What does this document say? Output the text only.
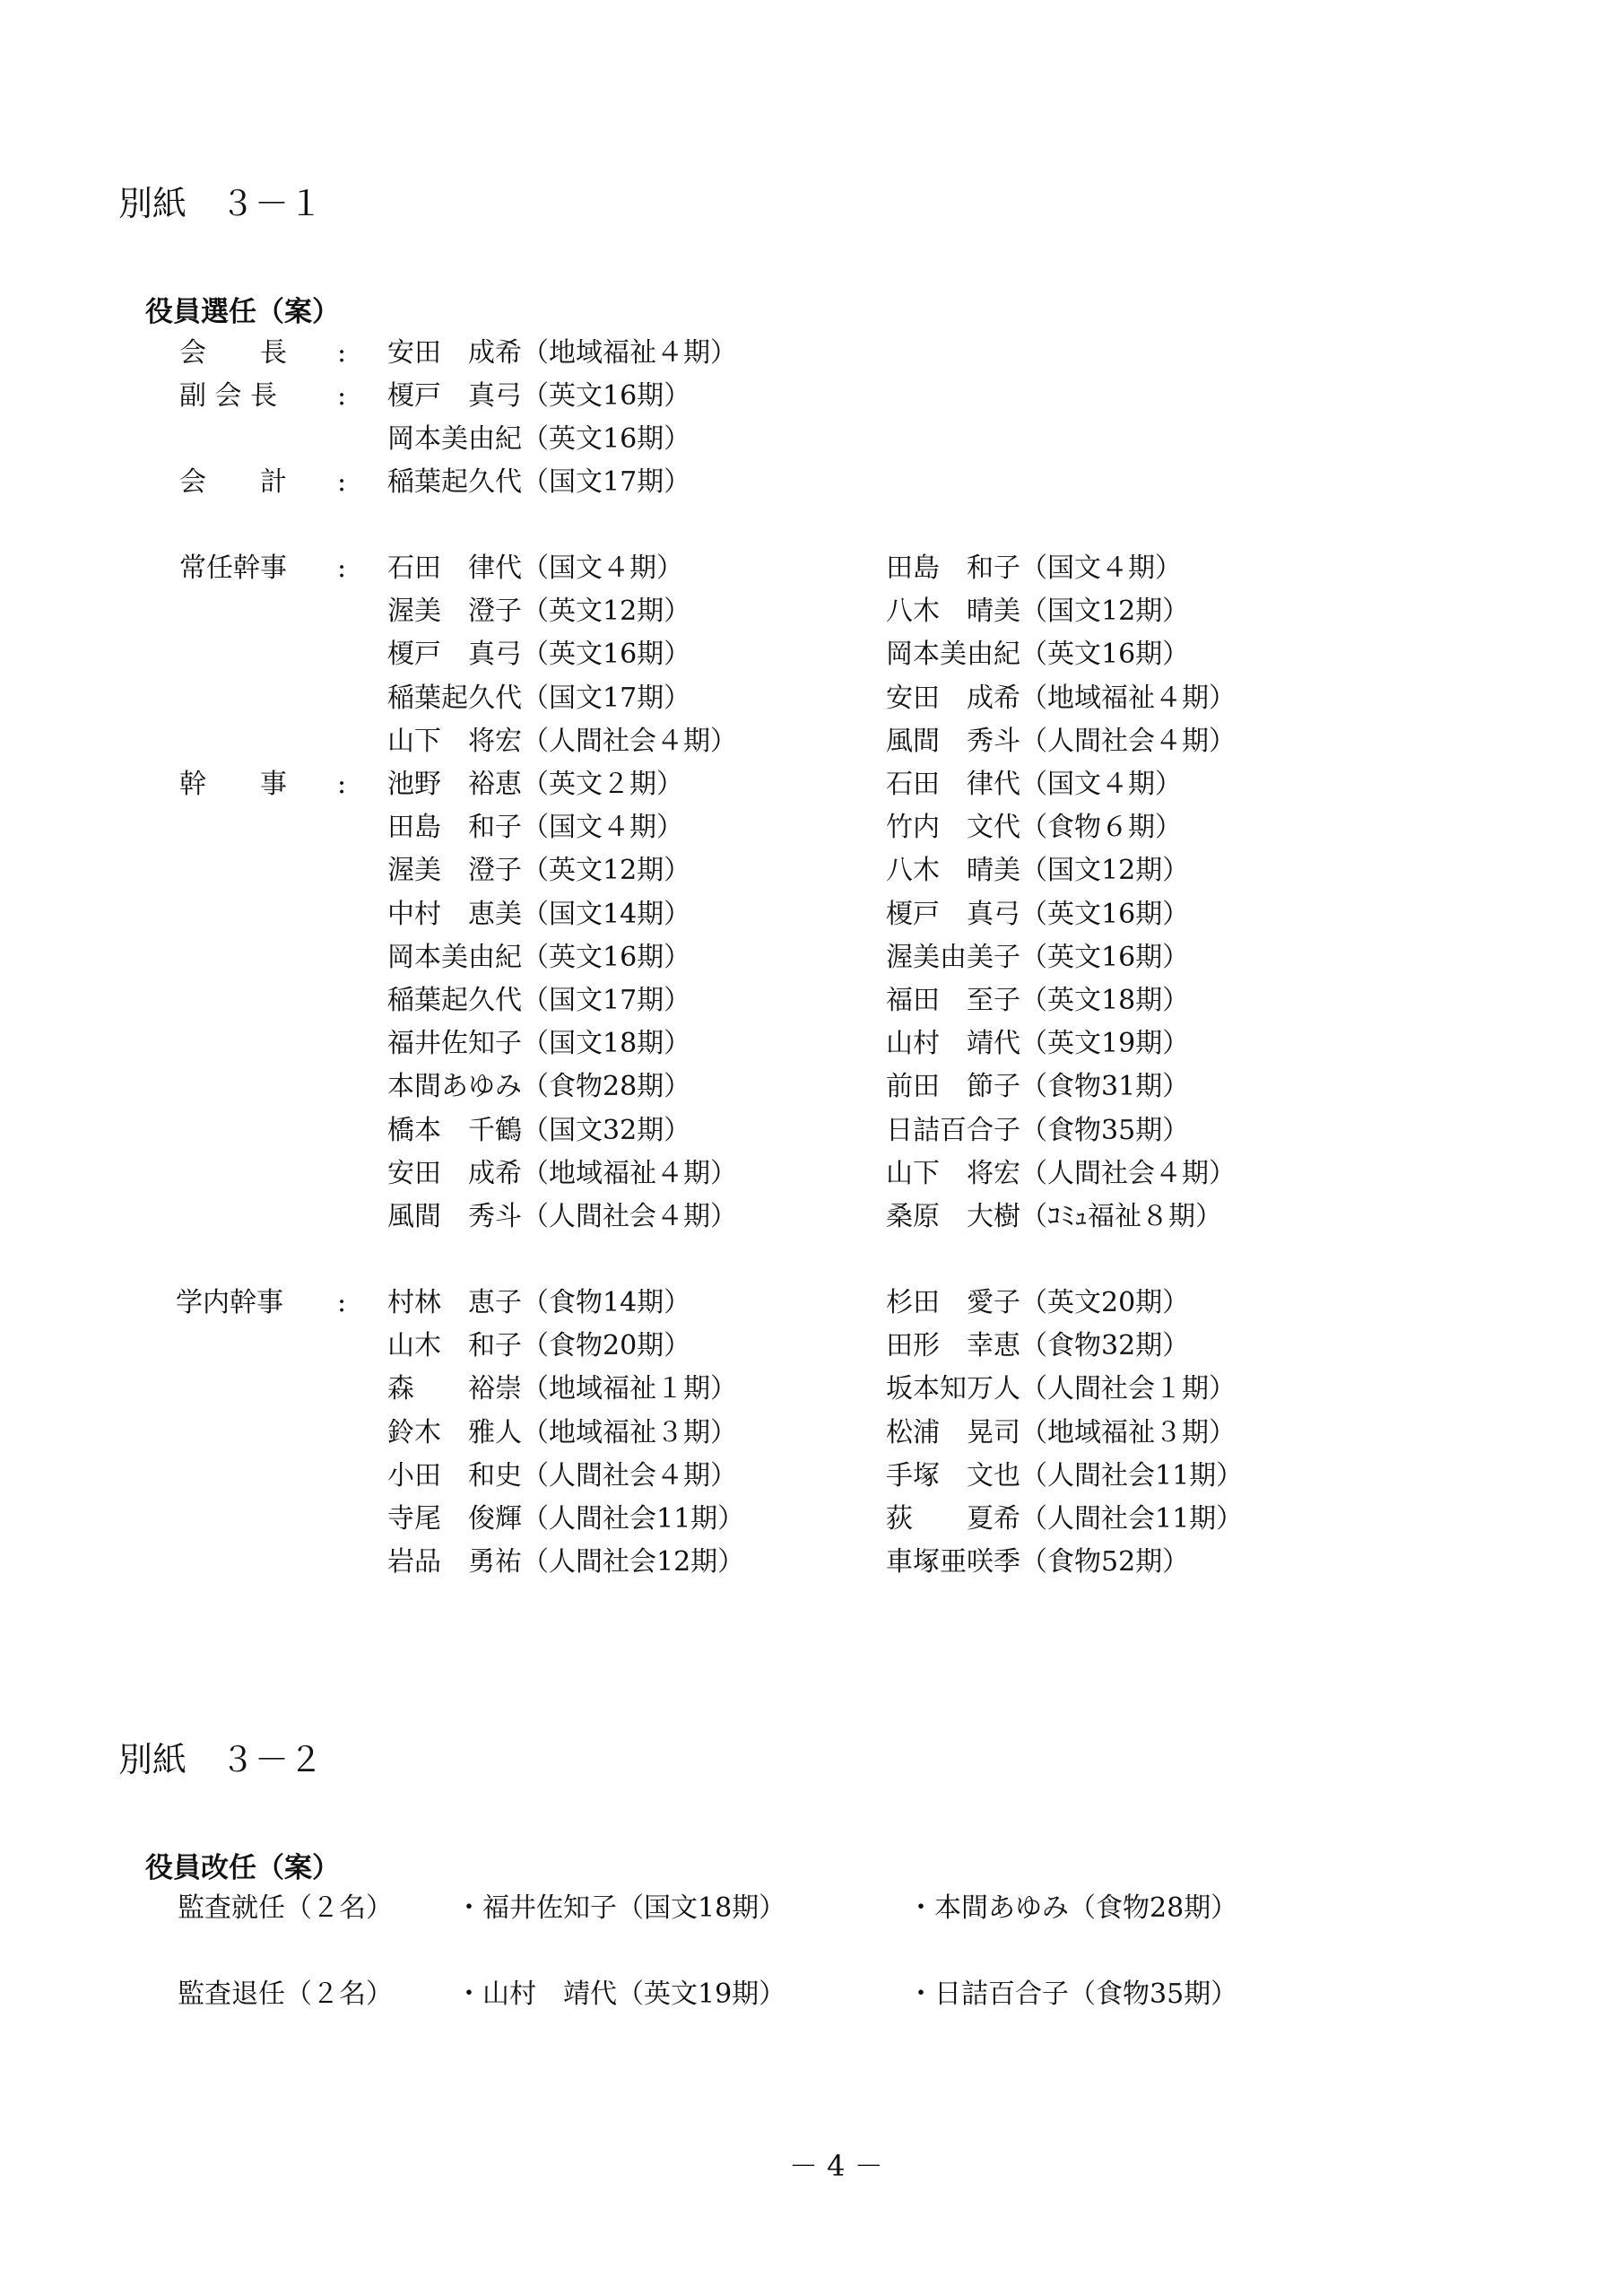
別紙　３－１
役員選任（案）
会　　長 : 安田　成希（地域福祉４期）
副 会 長 : 榎戸　真弓（英文16期）
岡本美由紀（英文16期）
会　　計 : 稲葉起久代（国文17期）
常任幹事 : 石田　律代（国文４期）
渥美　澄子（英文12期）
榎戸　真弓（英文16期）
稲葉起久代（国文17期）
山下　将宏（人間社会４期）
田島　和子（国文４期）
八木　晴美（国文12期）
岡本美由紀（英文16期）
安田　成希（地域福祉４期）
風間　秀斗（人間社会４期）
幹　　事 : 池野　裕恵（英文２期）
田島　和子（国文４期）
渥美　澄子（英文12期）
中村　恵美（国文14期）
岡本美由紀（英文16期）
稲葉起久代（国文17期）
福井佐知子（国文18期）
本間あゆみ（食物28期）
橋本　千鶴（国文32期）
安田　成希（地域福祉４期）
風間　秀斗（人間社会４期）
石田　律代（国文４期）
竹内　文代（食物６期）
八木　晴美（国文12期）
榎戸　真弓（英文16期）
渥美由美子（英文16期）
福田　至子（英文18期）
山村　靖代（英文19期）
前田　節子（食物31期）
日詰百合子（食物35期）
山下　将宏（人間社会４期）
桑原　大樹（ｺﾐｭ福祉８期）
学内幹事 : 村林　恵子（食物14期）
山木　和子（食物20期）
森　　裕崇（地域福祉１期）
鈴木　雅人（地域福祉３期）
小田　和史（人間社会４期）
寺尾　俊輝（人間社会11期）
岩品　勇祐（人間社会12期）
杉田　愛子（英文20期）
田形　幸恵（食物32期）
坂本知万人（人間社会１期）
松浦　晃司（地域福祉３期）
手塚　文也（人間社会11期）
荻　　夏希（人間社会11期）
車塚亜咲季（食物52期）
別紙　３－２
役員改任（案）
監査就任（２名） ・福井佐知子（国文18期）	・本間あゆみ（食物28期）
監査退任（２名） ・山村　靖代（英文19期）	・日詰百合子（食物35期）
－ 4 －
